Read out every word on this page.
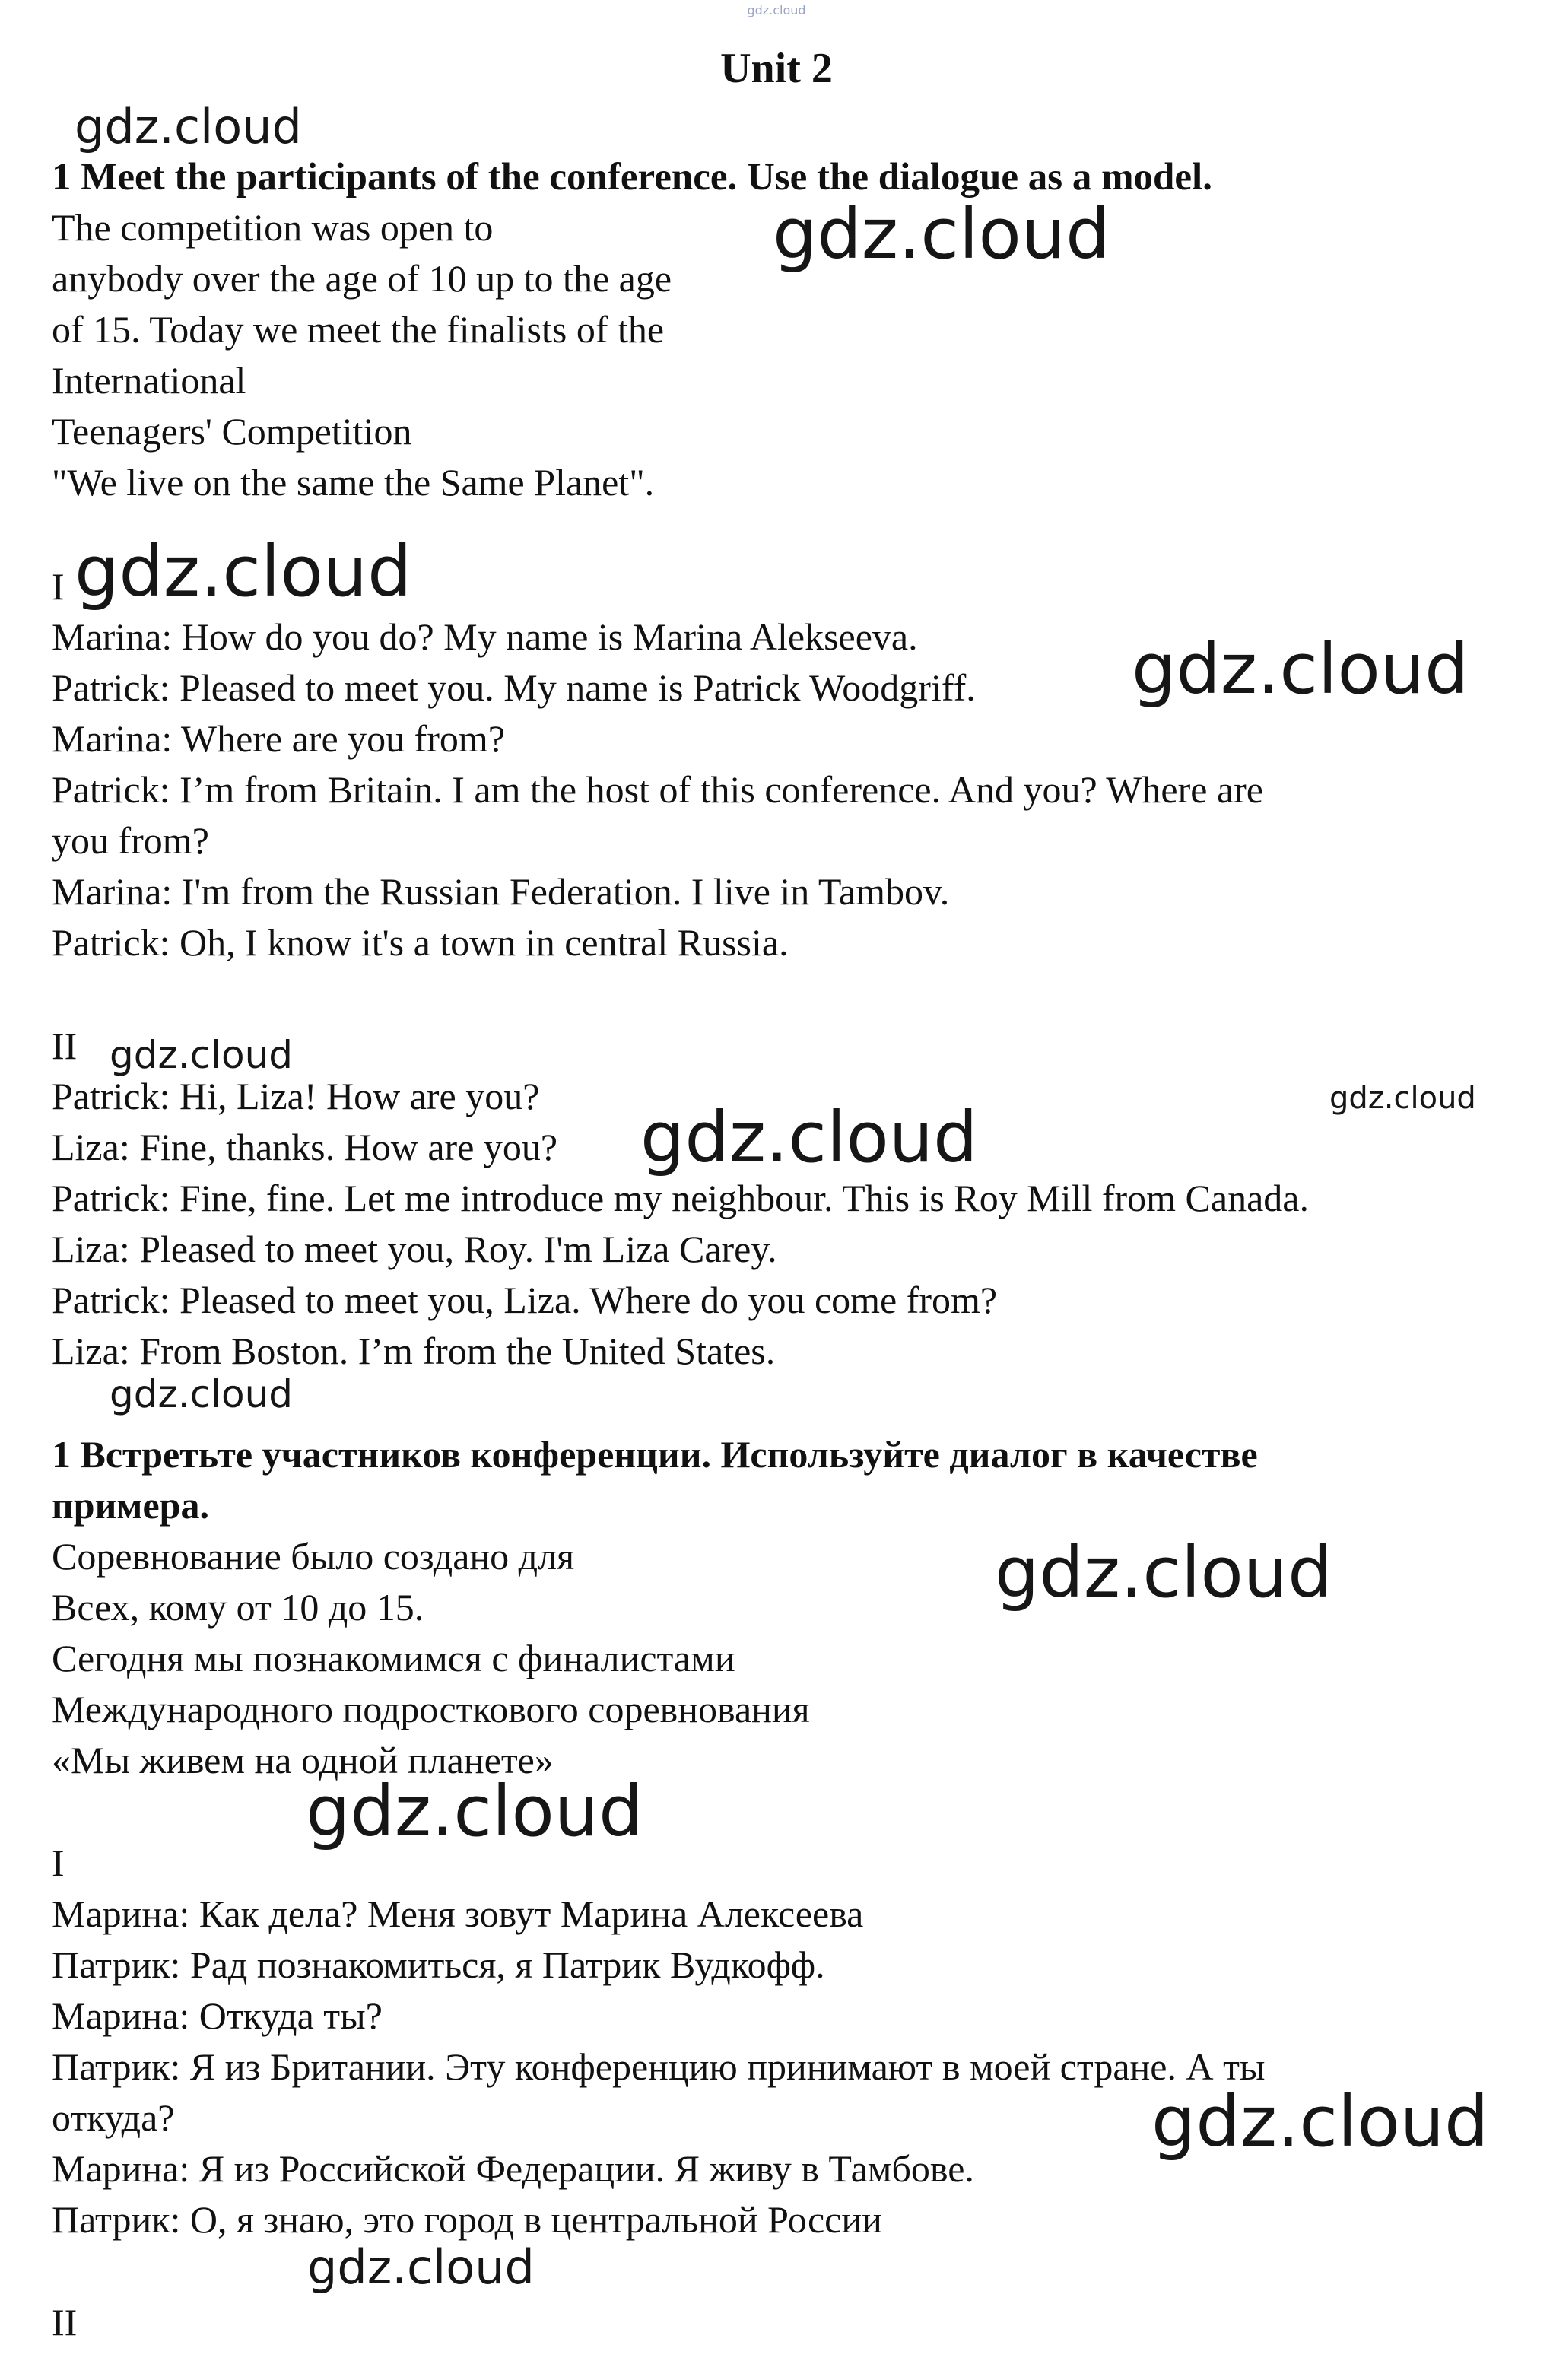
gdz.cloud
Unit 2
1 Meet the participants of the conference. Use the dialogue as a model.
The competition was open to
anybody over the age of 10 up to the age
of 15. Today we meet the finalists of the
International
Teenagers' Competition
"We live on the same the Same Planet".
I
Marina: How do you do? My name is Marina Alekseeva.
Patrick: Pleased to meet you. My name is Patrick Woodgriff.
Marina: Where are you from?
Patrick: I’m from Britain. I am the host of this conference. And you? Where are
you from?
Marina: I'm from the Russian Federation. I live in Tambov.
Patrick: Oh, I know it's a town in central Russia.
II
Patrick: Hi, Liza! How are you?
Liza: Fine, thanks. How are you?
Patrick: Fine, fine. Let me introduce my neighbour. This is Roy Mill from Canada.
Liza: Pleased to meet you, Roy. I'm Liza Carey.
Patrick: Pleased to meet you, Liza. Where do you come from?
Liza: From Boston. I’m from the United States.
1 Встретьте участников конференции. Используйте диалог в качестве
примера.
Соревнование было создано для
Всех, кому от 10 до 15.
Сегодня мы познакомимся с финалистами
Международного подросткового соревнования
«Мы живем на одной планете»
I
Марина: Как дела? Меня зовут Марина Алексеева
Патрик: Рад познакомиться, я Патрик Вудкофф.
Марина: Откуда ты?
Патрик: Я из Британии. Эту конференцию принимают в моей стране. А ты
откуда?
Марина: Я из Российской Федерации. Я живу в Тамбове.
Патрик: О, я знаю, это город в центральной России
II
gdz.cloud
gdz.cloud
gdz.cloud
gdz.cloud
gdz.cloud
gdz.cloud
gdz.cloud
gdz.cloud
gdz.cloud
gdz.cloud
gdz.cloud
gdz.cloud
